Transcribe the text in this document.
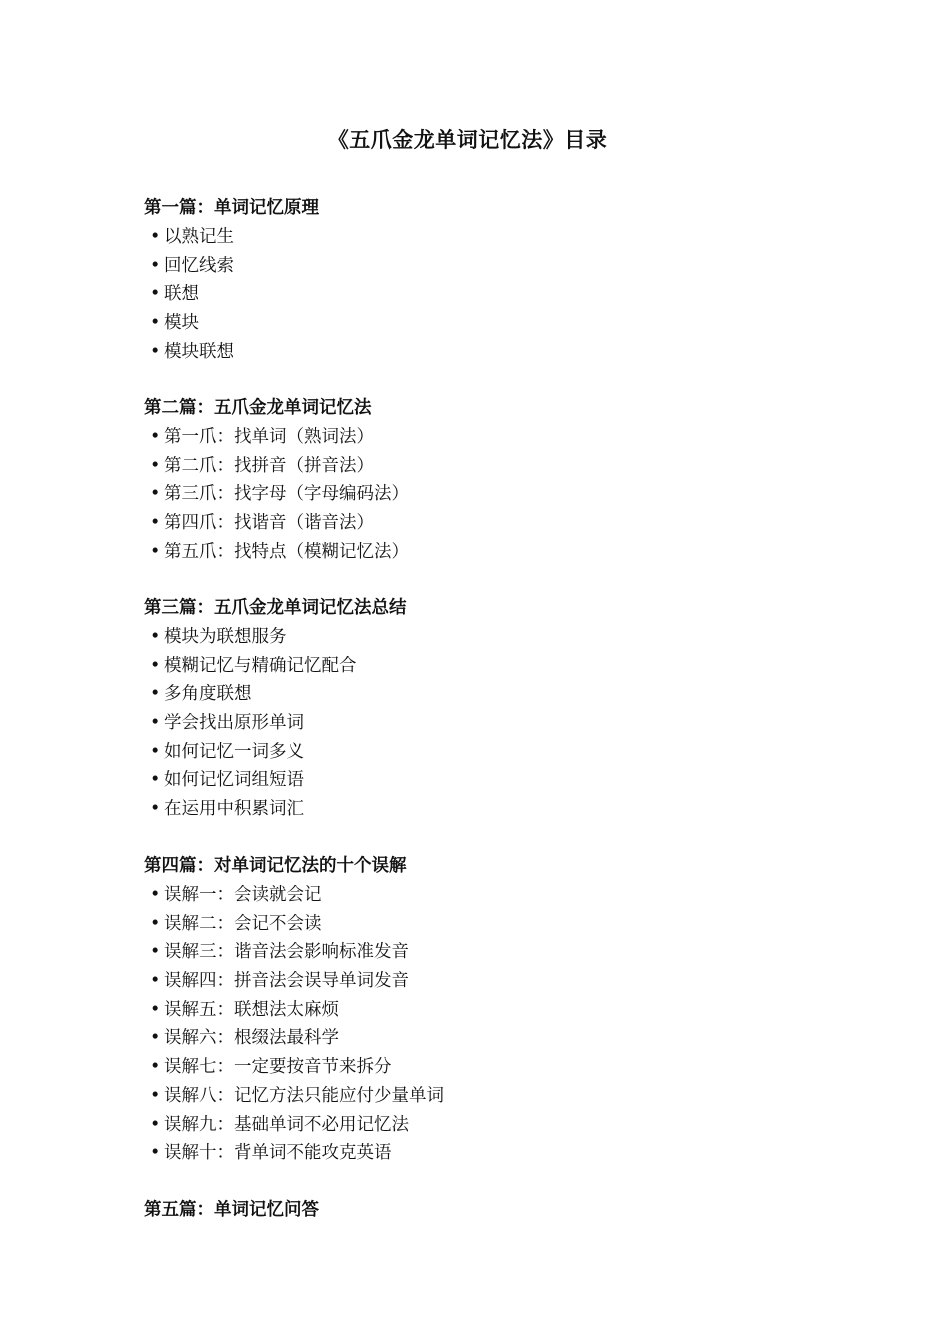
《五爪金龙单词记忆法》目录
第一篇：单词记忆原理
• 以熟记生
• 回忆线索
• 联想
• 模块
• 模块联想
第二篇：五爪金龙单词记忆法
• 第一爪：找单词（熟词法）
• 第二爪：找拼音（拼音法）
• 第三爪：找字母（字母编码法）
• 第四爪：找谐音（谐音法）
• 第五爪：找特点（模糊记忆法）
第三篇：五爪金龙单词记忆法总结
• 模块为联想服务
• 模糊记忆与精确记忆配合
• 多角度联想
• 学会找出原形单词
• 如何记忆一词多义
• 如何记忆词组短语
• 在运用中积累词汇
第四篇：对单词记忆法的十个误解
• 误解一：会读就会记
• 误解二：会记不会读
• 误解三：谐音法会影响标准发音
• 误解四：拼音法会误导单词发音
• 误解五：联想法太麻烦
• 误解六：根缀法最科学
• 误解七：一定要按音节来拆分
• 误解八：记忆方法只能应付少量单词
• 误解九：基础单词不必用记忆法
• 误解十：背单词不能攻克英语
第五篇：单词记忆问答
